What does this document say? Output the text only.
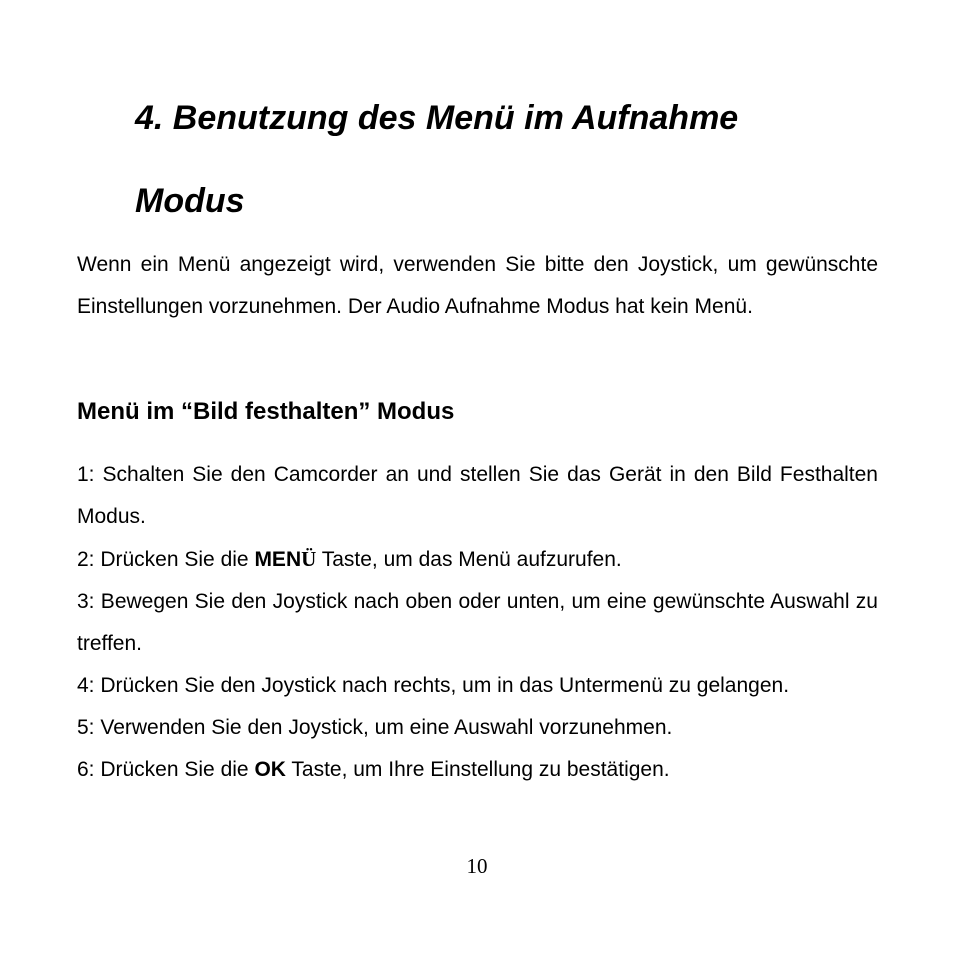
4. Benutzung des Menü im Aufnahme
Modus

Wenn ein Menü angezeigt wird, verwenden Sie bitte den Joystick, um gewünschte Einstellungen vorzunehmen. Der Audio Aufnahme Modus hat kein Menü.

Menü im “Bild festhalten” Modus
1: Schalten Sie den Camcorder an und stellen Sie das Gerät in den Bild Festhalten Modus.
2: Drücken Sie die MENÜ Taste, um das Menü aufzurufen.
3: Bewegen Sie den Joystick nach oben oder unten, um eine gewünschte Auswahl zu treffen.
4: Drücken Sie den Joystick nach rechts, um in das Untermenü zu gelangen.
5: Verwenden Sie den Joystick, um eine Auswahl vorzunehmen.
6: Drücken Sie die OK Taste, um Ihre Einstellung zu bestätigen.
10
